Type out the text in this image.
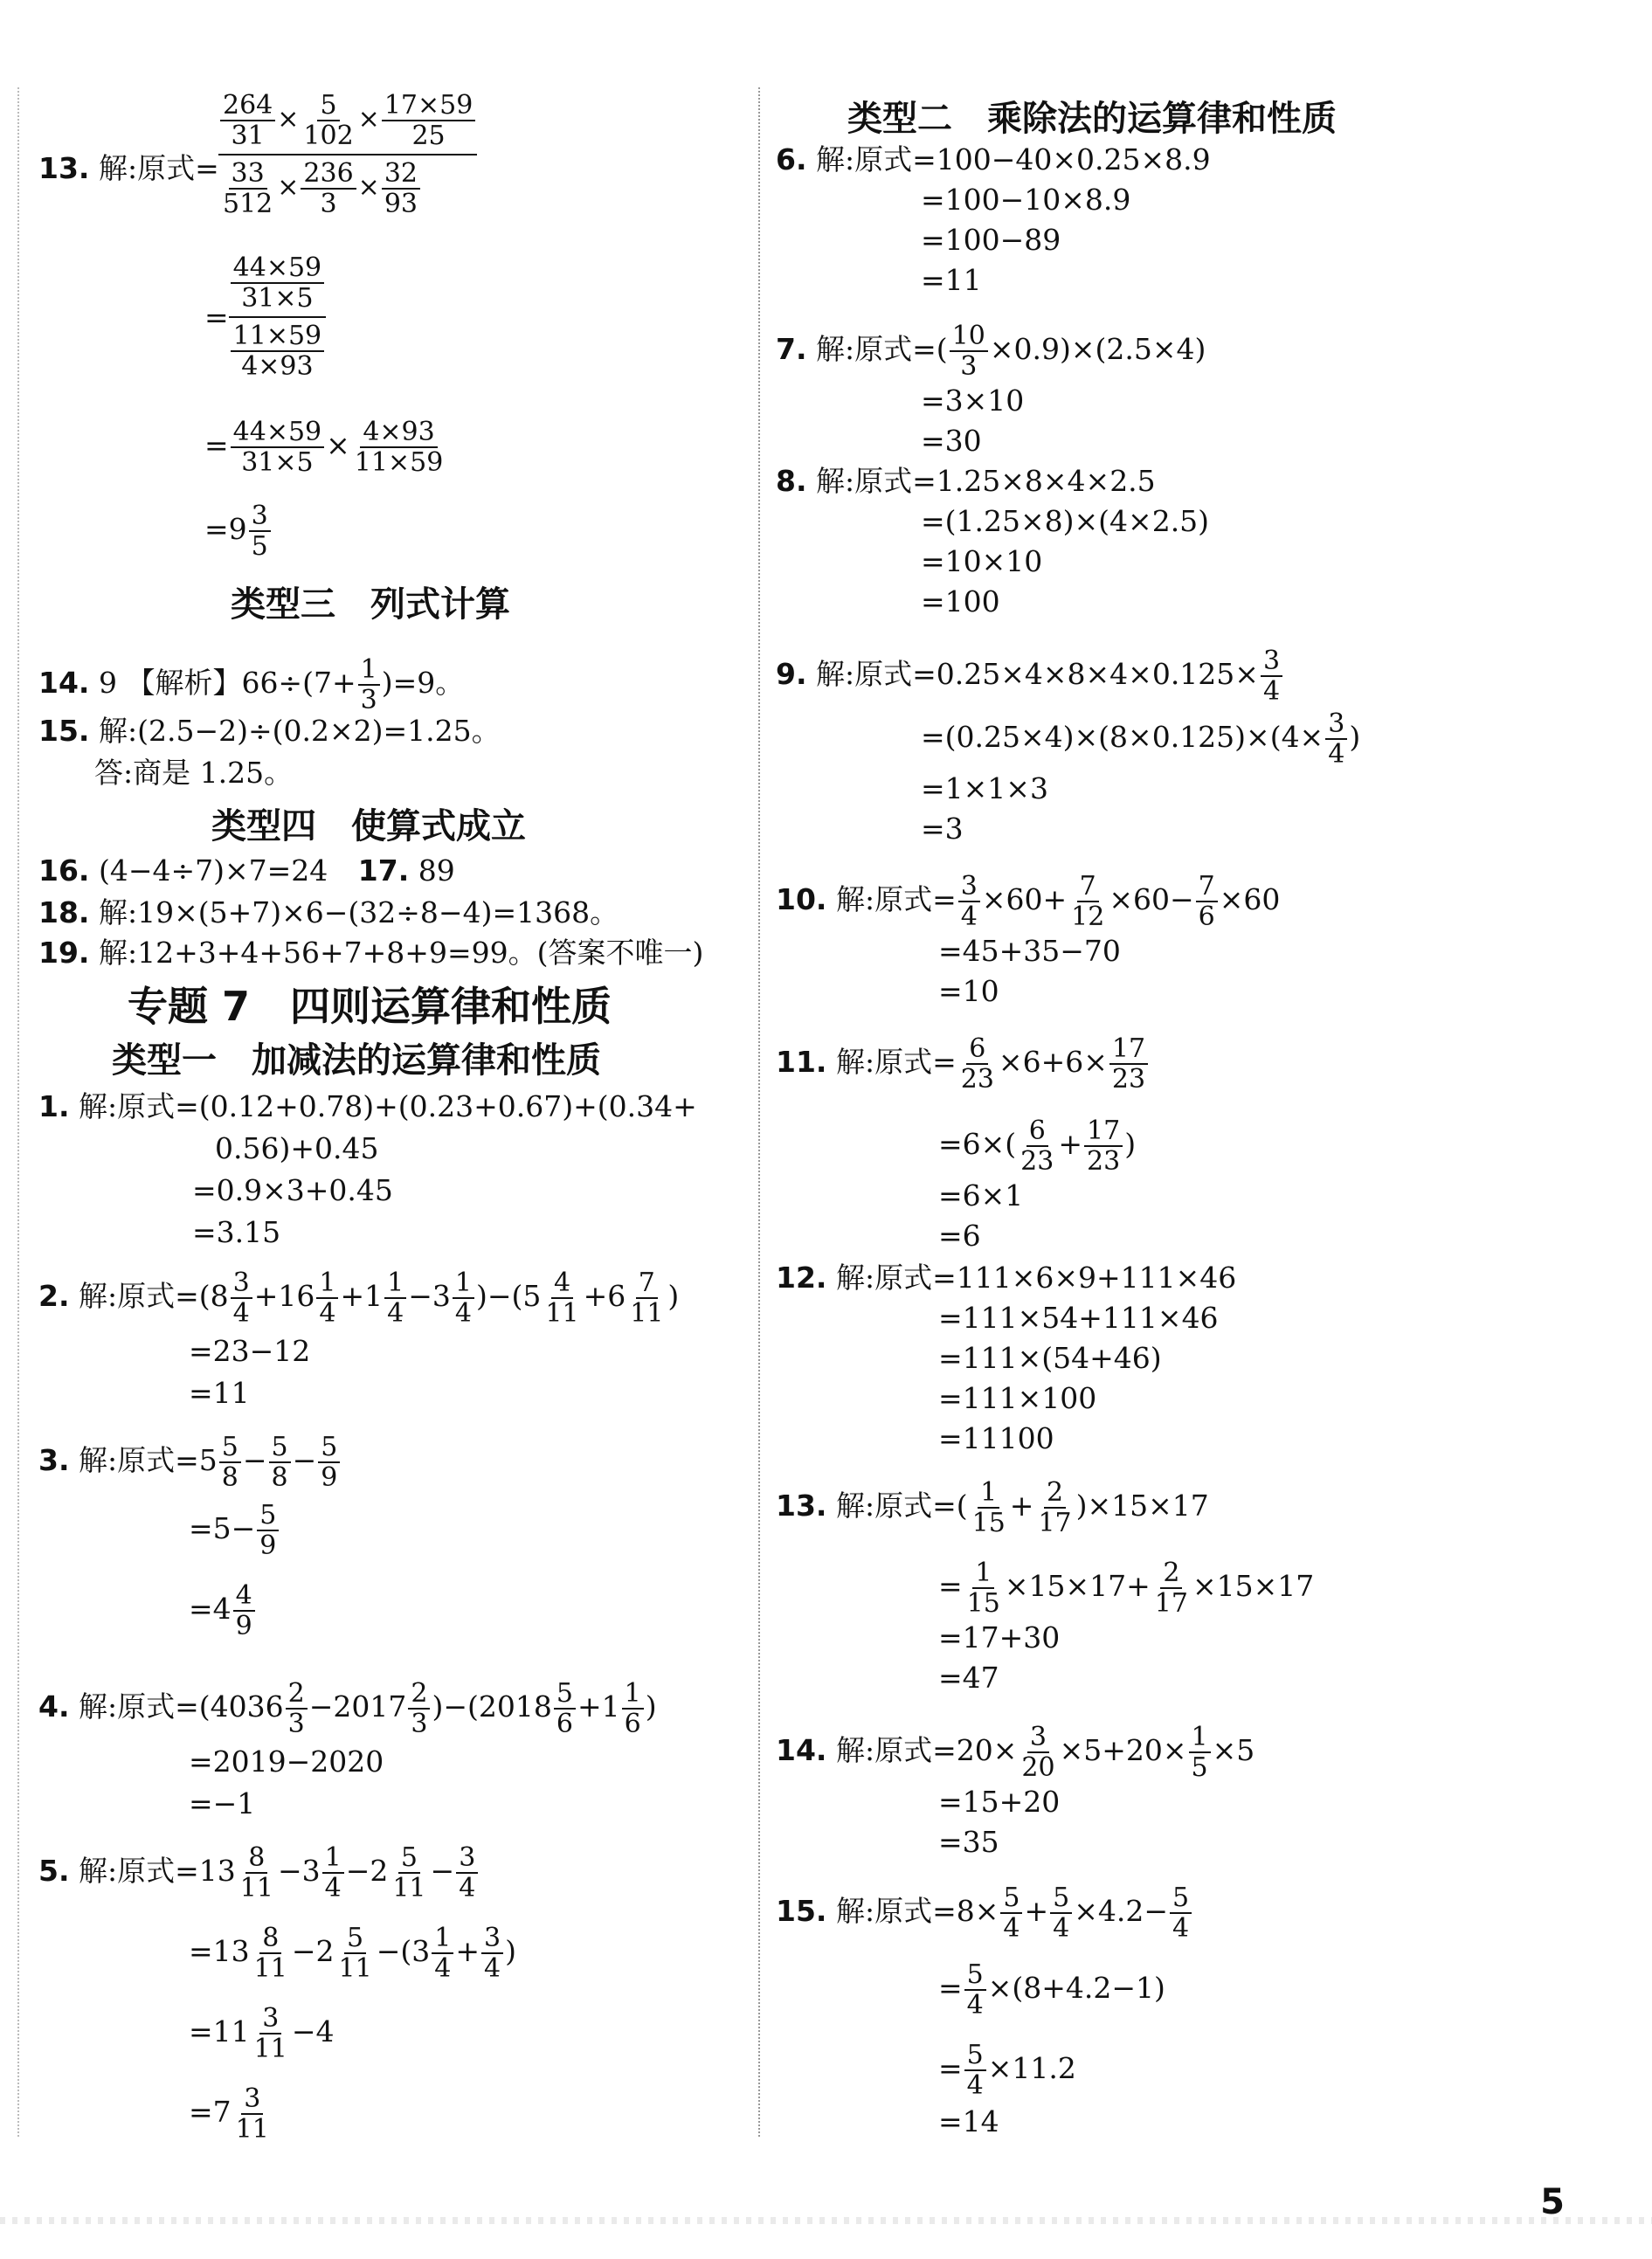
13. 解:原式= $\frac{\frac{264}{31} \times \frac{5}{102} \times \frac{17\times 59}{25}}{\frac{33}{512} \times \frac{236}{3} \times \frac{32}{93}}$
= $\frac{\frac{44\times 59}{31\times 5}}{\frac{11\times 59}{4\times 93}}$
= $\frac{44\times 59}{31\times 5} \times \frac{4\times 93}{11\times 59}$
$=9 \frac{3}{5}$
类型三　列式计算
14. 9 【解析】$66\div(7+ \frac{1}{3} )=9$。
15. 解:(2.5−2)÷(0.2×2)=1.25。
答:商是 1.25。
类型四　使算式成立
16. (4−4÷7)×7=24 17. 89
18. 解:19×(5+7)×6−(32÷8−4)=1368。
19. 解:12+3+4+56+7+8+9=99。(答案不唯一)
专题 7　四则运算律和性质
类型一　加减法的运算律和性质
1. 解:原式=(0.12+0.78)+(0.23+0.67)+(0.34+
0.56)+0.45
=0.9×3+0.45
=3.15
2. 解:原式$=(8 \frac{3}{4} +16 \frac{1}{4} +1 \frac{1}{4} -3 \frac{1}{4} )-(5 \frac{4}{11} +6 \frac{7}{11}$ )
=23−12
=11
3. 解:原式$=5 \frac{5}{8} - \frac{5}{8} - \frac{5}{9}$
$=5- \frac{5}{9}$
$=4 \frac{4}{9}$
4. 解:原式$=(4036 \frac{2}{3} -2017 \frac{2}{3} )-(2018 \frac{5}{6} +1 \frac{1}{6}$ )
=2019−2020
=−1
5. 解:原式$=13 \frac{8}{11} -3 \frac{1}{4} -2 \frac{5}{11} - \frac{3}{4}$
$=13 \frac{8}{11} -2 \frac{5}{11} -(3 \frac{1}{4} + \frac{3}{4}$ )
$=11 \frac{3}{11} -4$
$=7 \frac{3}{11}$
类型二　乘除法的运算律和性质
6. 解:原式=100−40×0.25×8.9
=100−10×8.9
=100−89
=11
7. 解:原式=( $\frac{10}{3} \times 0.9)\times(2.5\times 4)$
=3×10
=30
8. 解:原式=1.25×8×4×2.5
=(1.25×8)×(4×2.5)
=10×10
=100
9. 解:原式$=0.25\times 4\times 8\times 4\times 0.125\times \frac{3}{4}$
$=(0.25\times 4)\times(8\times 0.125)\times(4\times \frac{3}{4}$ )
=1×1×3
=3
10. 解:原式= $\frac{3}{4} \times 60+ \frac{7}{12} \times 60- \frac{7}{6} \times 60$
=45+35−70
=10
11. 解:原式= $\frac{6}{23} \times 6+6\times \frac{17}{23}$
$=6\times( \frac{6}{23} + \frac{17}{23}$ )
=6×1
=6
12. 解:原式=111×6×9+111×46
=111×54+111×46
=111×(54+46)
=111×100
=11100
13. 解:原式=( $\frac{1}{15} + \frac{2}{17} )\times 15\times 17$
= $\frac{1}{15} \times 15\times 17+ \frac{2}{17} \times 15\times 17$
=17+30
=47
14. 解:原式$=20\times \frac{3}{20} \times 5+20\times \frac{1}{5} \times 5$
=15+20
=35
15. 解:原式$=8\times \frac{5}{4} + \frac{5}{4} \times 4.2- \frac{5}{4}$
= $\frac{5}{4} \times(8+4.2-1)$
= $\frac{5}{4} \times 11.2$
=14
5
